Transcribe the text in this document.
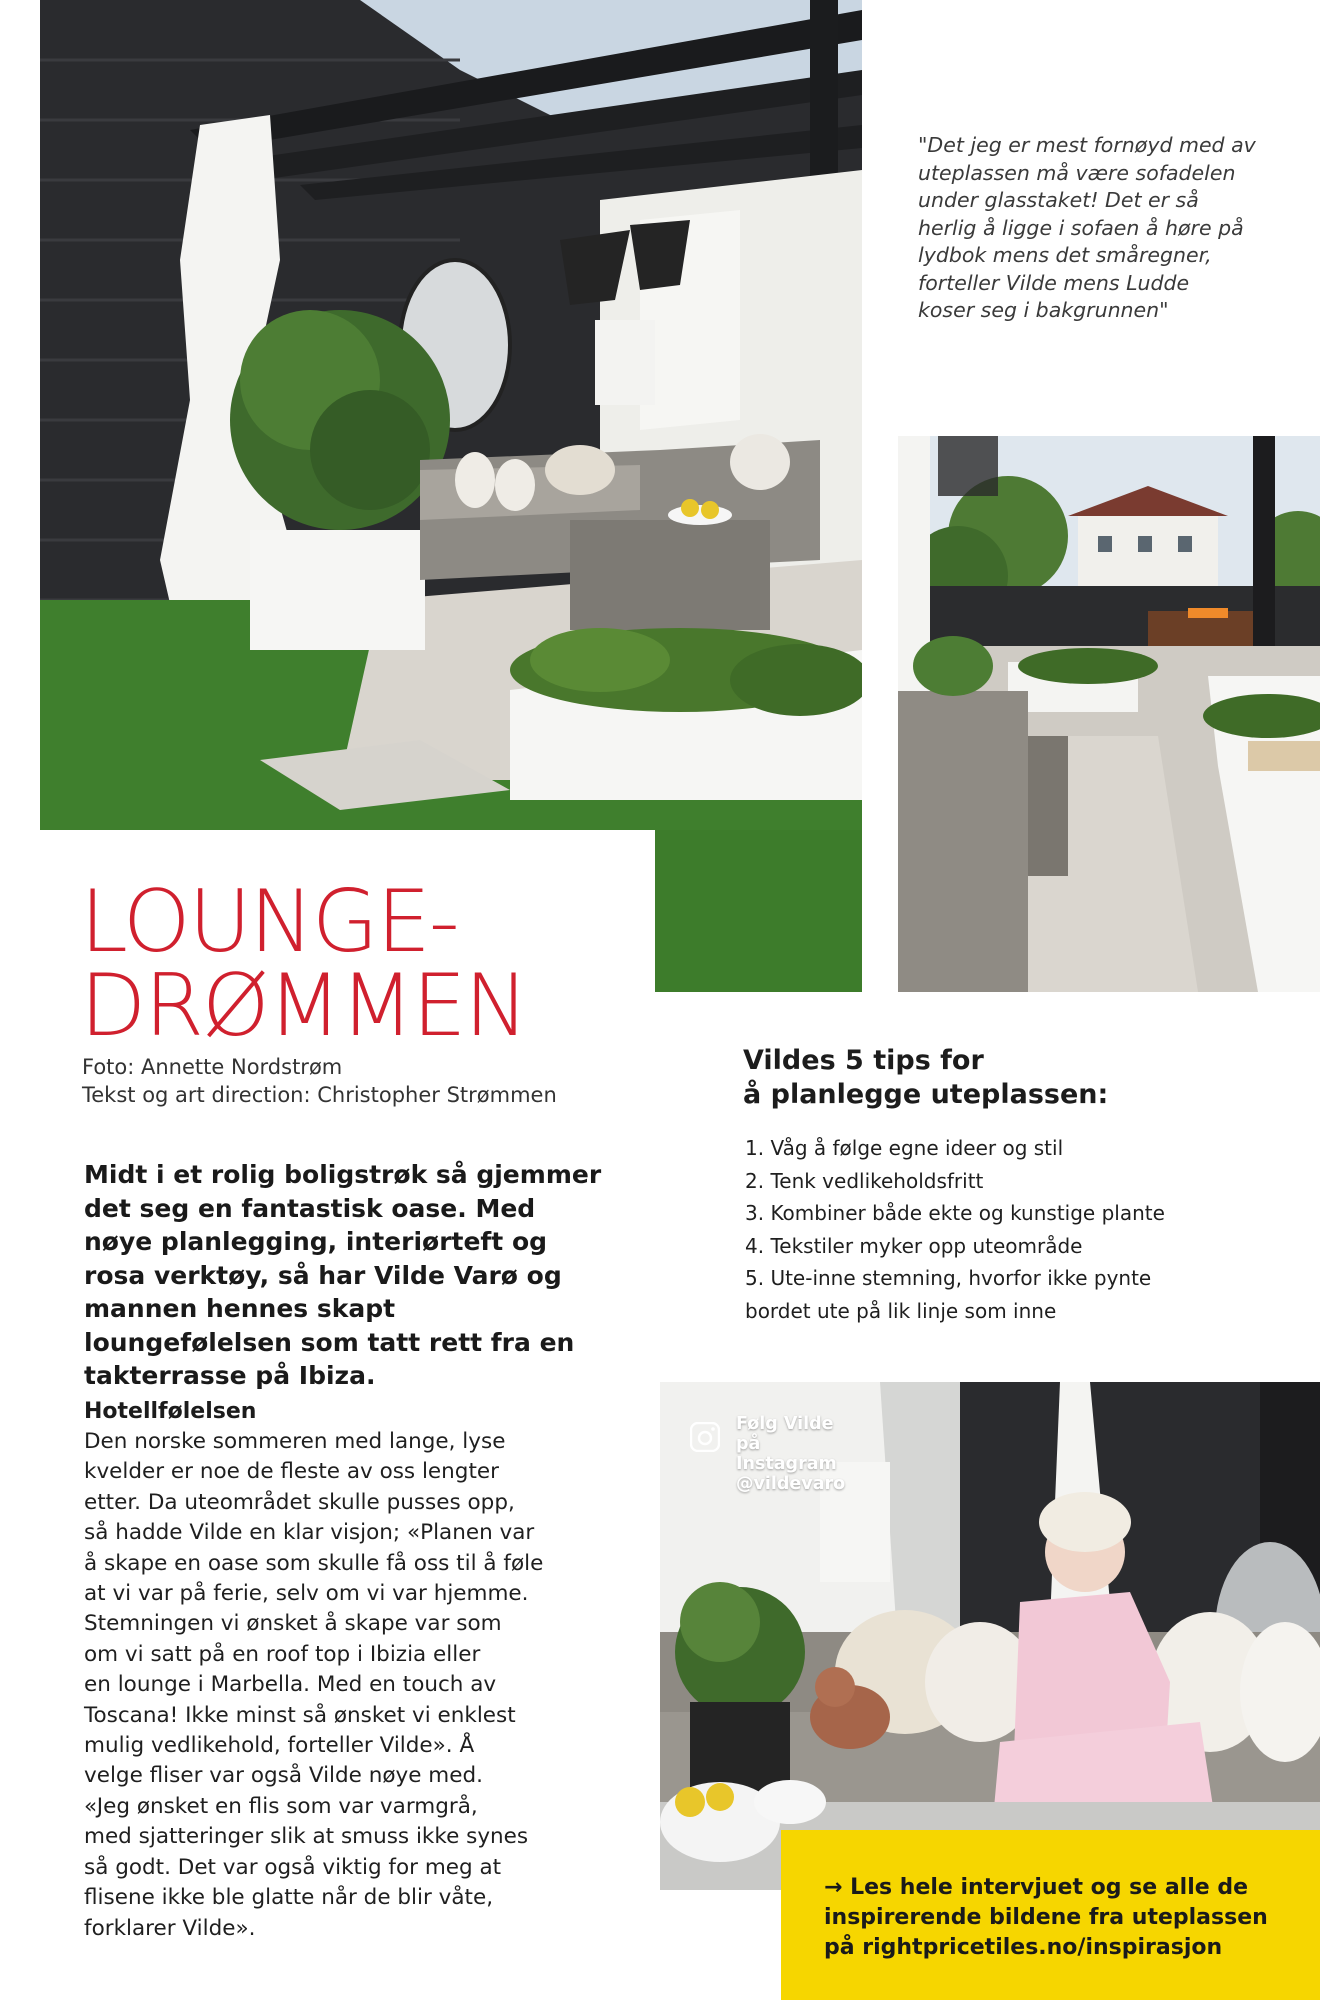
"Det jeg er mest fornøyd med av
uteplassen må være sofadelen
under glasstaket! Det er så
herlig å ligge i sofaen å høre på
lydbok mens det småregner,
forteller Vilde mens Ludde
koser seg i bakgrunnen"
LOUNGE-
DRØMMEN
Foto: Annette Nordstrøm
Tekst og art direction: Christopher Strømmen
Vildes 5 tips for
å planlegge uteplassen:
1. Våg å følge egne ideer og stil
2. Tenk vedlikeholdsfritt
3. Kombiner både ekte og kunstige plante
4. Tekstiler myker opp uteområde
5. Ute-inne stemning, hvorfor ikke pynte
bordet ute på lik linje som inne
Midt i et rolig boligstrøk så gjemmer det seg en fantastisk oase. Med nøye planlegging, interiørteft og rosa verktøy, så har Vilde Varø og mannen hennes skapt loungefølelsen som tatt rett fra en takterrasse på Ibiza.
Hotellfølelsen
Den norske sommeren med lange, lyse
kvelder er noe de fleste av oss lengter
etter. Da uteområdet skulle pusses opp,
så hadde Vilde en klar visjon; «Planen var
å skape en oase som skulle få oss til å føle
at vi var på ferie, selv om vi var hjemme.
Stemningen vi ønsket å skape var som
om vi satt på en roof top i Ibizia eller
en lounge i Marbella. Med en touch av
Toscana! Ikke minst så ønsket vi enklest
mulig vedlikehold, forteller Vilde». Å
velge fliser var også Vilde nøye med.
«Jeg ønsket en flis som var varmgrå,
med sjatteringer slik at smuss ikke synes
så godt. Det var også viktig for meg at
flisene ikke ble glatte når de blir våte,
forklarer Vilde».
Følg Vilde på Instagram
@vildevaro
→ Les hele intervjuet og se alle de
inspirerende bildene fra uteplassen
på rightpricetiles.no/inspirasjon
